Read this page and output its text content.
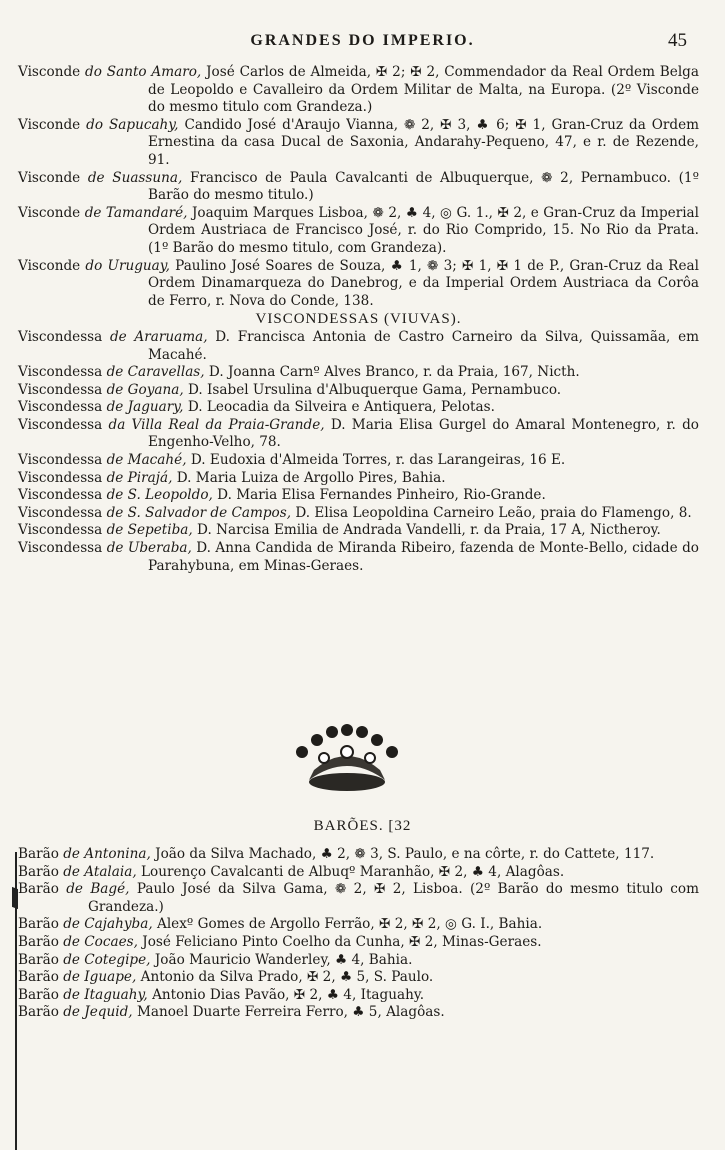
GRANDES DO IMPERIO.	45

Visconde do Santo Amaro, José Carlos de Almeida, ✠ 2; ✠ 2, Commendador da Real Ordem Belga de Leopoldo e Cavalleiro da Ordem Militar de Malta, na Europa. (2º Visconde do mesmo titulo com Grandeza.)

Visconde do Sapucahy, Candido José d'Araujo Vianna, ❁ 2, ✠ 3, ♣ 6; ✠ 1, Gran-Cruz da Ordem Ernestina da casa Ducal de Saxonia, Andarahy-Pequeno, 47, e r. de Rezende, 91.

Visconde de Suassuna, Francisco de Paula Cavalcanti de Albuquerque, ❁ 2, Pernambuco. (1º Barão do mesmo titulo.)

Visconde de Tamandaré, Joaquim Marques Lisboa, ❁ 2, ♣ 4, ◎ G. 1., ✠ 2, e Gran-Cruz da Imperial Ordem Austriaca de Francisco José, r. do Rio Comprido, 15. No Rio da Prata. (1º Barão do mesmo titulo, com Grandeza).

Visconde do Uruguay, Paulino José Soares de Souza, ♣ 1, ❁ 3; ✠ 1, ✠ 1 de P., Gran-Cruz da Real Ordem Dinamarqueza do Danebrog, e da Imperial Ordem Austriaca da Corôa de Ferro, r. Nova do Conde, 138.

VISCONDESSAS (VIUVAS).

Viscondessa de Araruama, D. Francisca Antonia de Castro Carneiro da Silva, Quissamãa, em Macahé.

Viscondessa de Caravellas, D. Joanna Carnº Alves Branco, r. da Praia, 167, Nicth.

Viscondessa de Goyana, D. Isabel Ursulina d'Albuquerque Gama, Pernambuco.

Viscondessa de Jaguary, D. Leocadia da Silveira e Antiquera, Pelotas.

Viscondessa da Villa Real da Praia-Grande, D. Maria Elisa Gurgel do Amaral Montenegro, r. do Engenho-Velho, 78.

Viscondessa de Macahé, D. Eudoxia d'Almeida Torres, r. das Larangeiras, 16 E.

Viscondessa de Pirajá, D. Maria Luiza de Argollo Pires, Bahia.

Viscondessa de S. Leopoldo, D. Maria Elisa Fernandes Pinheiro, Rio-Grande.

Viscondessa de S. Salvador de Campos, D. Elisa Leopoldina Carneiro Leão, praia do Flamengo, 8.

Viscondessa de Sepetiba, D. Narcisa Emilia de Andrada Vandelli, r. da Praia, 17 A, Nictheroy.

Viscondessa de Uberaba, D. Anna Candida de Miranda Ribeiro, fazenda de Monte-Bello, cidade do Parahybuna, em Minas-Geraes.

BARÕES. [32

Barão de Antonina, João da Silva Machado, ♣ 2, ❁ 3, S. Paulo, e na côrte, r. do Cattete, 117.

Barão de Atalaia, Lourenço Cavalcanti de Albuqº Maranhão, ✠ 2, ♣ 4, Alagôas.

Barão de Bagé, Paulo José da Silva Gama, ❁ 2, ✠ 2, Lisboa. (2º Barão do mesmo titulo com Grandeza.)

Barão de Cajahyba, Alexº Gomes de Argollo Ferrão, ✠ 2, ✠ 2, ◎ G. I., Bahia.

Barão de Cocaes, José Feliciano Pinto Coelho da Cunha, ✠ 2, Minas-Geraes.

Barão de Cotegipe, João Mauricio Wanderley, ♣ 4, Bahia.

Barão de Iguape, Antonio da Silva Prado, ✠ 2, ♣ 5, S. Paulo.

Barão de Itaguahy, Antonio Dias Pavão, ✠ 2, ♣ 4, Itaguahy.

Barão de Jequid, Manoel Duarte Ferreira Ferro, ♣ 5, Alagôas.
